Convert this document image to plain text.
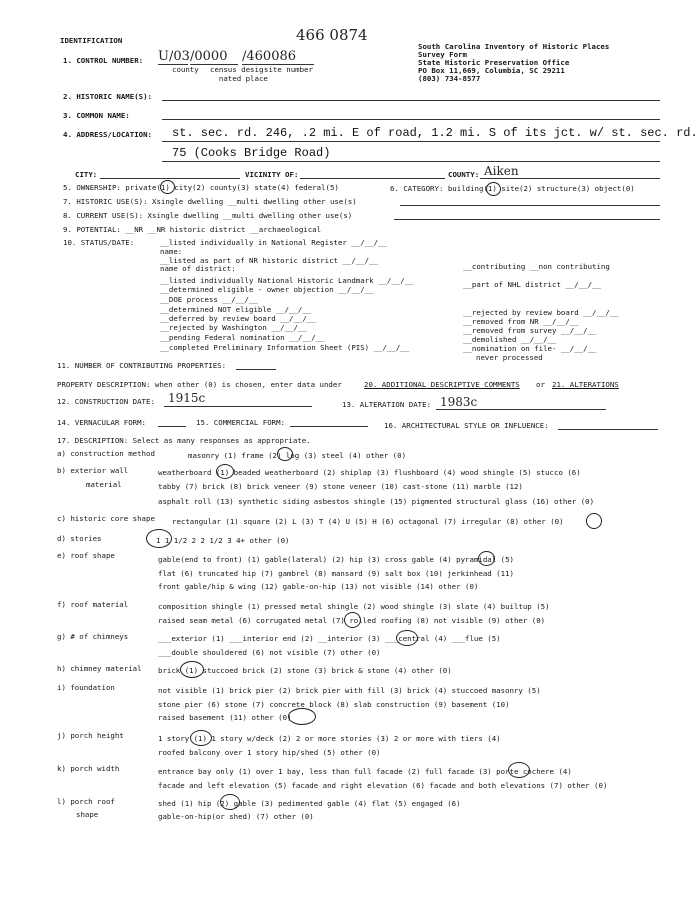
466 0874
South Carolina Inventory of Historic Places
Survey Form
State Historic Preservation Office
PO Box 11,669, Columbia, SC 29211
(803) 734-8577
IDENTIFICATION
1. CONTROL NUMBER: U/03 /0000 /460086
county census desig-
nated place
site number
2. HISTORIC NAME(S):
3. COMMON NAME:
4. ADDRESS/LOCATION: st. sec. rd. 246, .2 mi. E of road, 1.2 mi. S of its jct. w/ st. sec. rd.
75 (Cooks Bridge Road)
CITY:	VICINITY OF:	COUNTY: Aiken
5. OWNERSHIP: private(1) city(2) county(3) state(4) federal(5)	6. CATEGORY: building(1) site(2) structure(3) object(0)
7. HISTORIC USE(S): Xsingle dwelling __multi dwelling other use(s)
8. CURRENT USE(S): Xsingle dwelling __multi dwelling other use(s)
9. POTENTIAL: __NR __NR historic district __archaeological
10. STATUS/DATE:	__listed individually in National Register __/__/__
name:
__listed as part of NR historic district __/__/__
name of district:
__listed individually National Historic Landmark __/__/__
__determined eligible - owner objection __/__/__
__DOE process __/__/__
__determined NOT eligible __/__/__
__deferred by review board __/__/__
__rejected by Washington __/__/__
__pending Federal nomination __/__/__
__completed Preliminary Information Sheet (PIS) __/__/__
__contributing __non contributing
__part of NHL district __/__/__
__rejected by review board __/__/__
__removed from NR __/__/__
__removed from survey __/__/__
__demolished __/__/__
__nomination on file- __/__/__
never processed
11. NUMBER OF CONTRIBUTING PROPERTIES:
PROPERTY DESCRIPTION: when other (0) is chosen, enter data under	20. ADDITIONAL DESCRIPTIVE COMMENTS or 21. ALTERATIONS
12. CONSTRUCTION DATE: 1915c	13. ALTERATION DATE: 1983c
14. VERNACULAR FORM:	15. COMMERCIAL FORM:	16. ARCHITECTURAL STYLE OR INFLUENCE:
17. DESCRIPTION: Select as many responses as appropriate.
a) construction method	masonry (1) frame (2) log (3) steel (4) other (0)
b) exterior wall
material
weatherboard (1) beaded weatherboard (2) shiplap (3) flushboard (4) wood shingle (5) stucco (6)
tabby (7) brick (8) brick veneer (9) stone veneer (10) cast-stone (11) marble (12)
asphalt roll (13) synthetic siding asbestos shingle (15) pigmented structural glass (16) other (0)
c) historic core shape rectangular (1) square (2) L (3) T (4) U (5) H (6) octagonal (7) irregular (8) other (0)
d) stories	1 1 1/2 2 2 1/2 3 4+ other (0)
e) roof shape	gable(end to front) (1) gable(lateral) (2) hip (3) cross gable (4) pyramidal (5)
flat (6) truncated hip (7) gambrel (8) mansard (9) salt box (10) jerkinhead (11)
front gable/hip & wing (12) gable-on-hip (13) not visible (14) other (0)
f) roof material	composition shingle (1) pressed metal shingle (2) wood shingle (3) slate (4) builtup (5)
raised seam metal (6) corrugated metal (7) rolled roofing (8) not visible (9) other (0)
g) # of chimneys	___exterior (1) ___interior end (2) __interior (3) ___central (4) ___flue (5)
___double shouldered (6) not visible (7) other (0)
h) chimney material brick (1) stuccoed brick (2) stone (3) brick & stone (4) other (0)
i) foundation	not visible (1) brick pier (2) brick pier with fill (3) brick (4) stuccoed masonry (5)
stone pier (6) stone (7) concrete block (8) slab construction (9) basement (10)
raised basement (11) other (0)
j) porch height	1 story (1) 1 story w/deck (2) 2 or more stories (3) 2 or more with tiers (4)
roofed balcony over 1 story hip/shed (5) other (0)
k) porch width	entrance bay only (1) over 1 bay, less than full facade (2) full facade (3) porte cochere (4)
facade and left elevation (5) facade and right elevation (6) facade and both elevations (7) other (0)
l) porch roof
shape
shed (1) hip (2) gable (3) pedimented gable (4) flat (5) engaged (6)
gable-on-hip(or shed) (7) other (0)
